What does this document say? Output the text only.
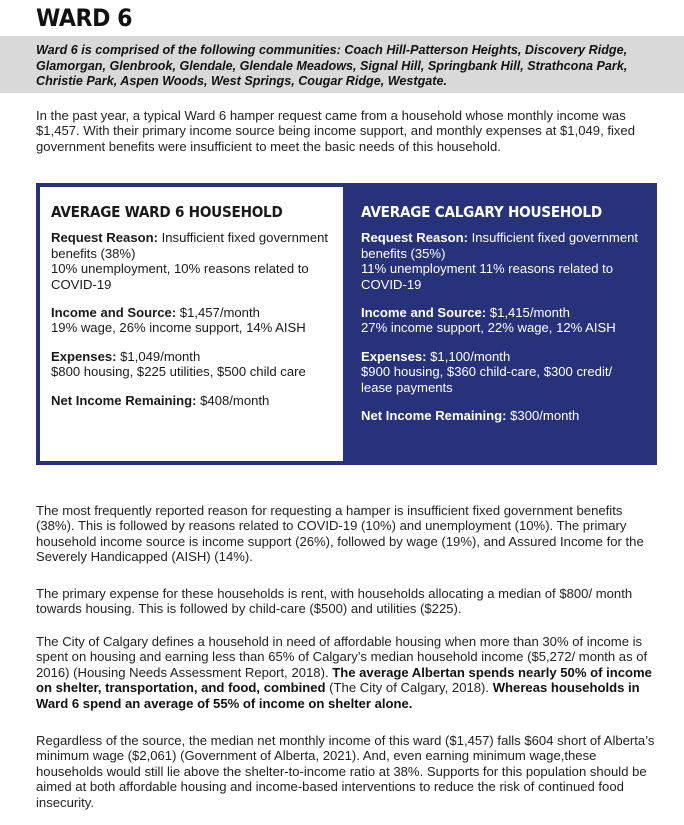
WARD 6
Ward 6 is comprised of the following communities: Coach Hill-Patterson Heights, Discovery Ridge, Glamorgan, Glenbrook, Glendale, Glendale Meadows, Signal Hill, Springbank Hill, Strathcona Park, Christie Park, Aspen Woods, West Springs, Cougar Ridge, Westgate.
In the past year, a typical Ward 6 hamper request came from a household whose monthly income was $1,457. With their primary income source being income support, and monthly expenses at $1,049, fixed government benefits were insufficient to meet the basic needs of this household.
AVERAGE WARD 6 HOUSEHOLD

Request Reason: Insufficient fixed government benefits (38%)
10% unemployment, 10% reasons related to COVID-19

Income and Source: $1,457/month
19% wage, 26% income support, 14% AISH

Expenses: $1,049/month
$800 housing, $225 utilities, $500 child care

Net Income Remaining: $408/month

AVERAGE CALGARY HOUSEHOLD

Request Reason: Insufficient fixed government benefits (35%)
11% unemployment 11% reasons related to COVID-19

Income and Source: $1,415/month
27% income support, 22% wage, 12% AISH

Expenses: $1,100/month
$900 housing, $360 child-care, $300 credit/ lease payments

Net Income Remaining: $300/month

The most frequently reported reason for requesting a hamper is insufficient fixed government benefits (38%). This is followed by reasons related to COVID-19 (10%) and unemployment (10%). The primary household income source is income support (26%), followed by wage (19%), and Assured Income for the Severely Handicapped (AISH) (14%).
The primary expense for these households is rent, with households allocating a median of $800/ month towards housing. This is followed by child-care ($500) and utilities ($225).
The City of Calgary defines a household in need of affordable housing when more than 30% of income is spent on housing and earning less than 65% of Calgary’s median household income ($5,272/ month as of 2016) (Housing Needs Assessment Report, 2018). The average Albertan spends nearly 50% of income on shelter, transportation, and food, combined (The City of Calgary, 2018). Whereas households in Ward 6 spend an average of 55% of income on shelter alone.
Regardless of the source, the median net monthly income of this ward ($1,457) falls $604 short of Alberta’s minimum wage ($2,061) (Government of Alberta, 2021). And, even earning minimum wage,these households would still lie above the shelter-to-income ratio at 38%. Supports for this population should be aimed at both affordable housing and income-based interventions to reduce the risk of continued food insecurity.
